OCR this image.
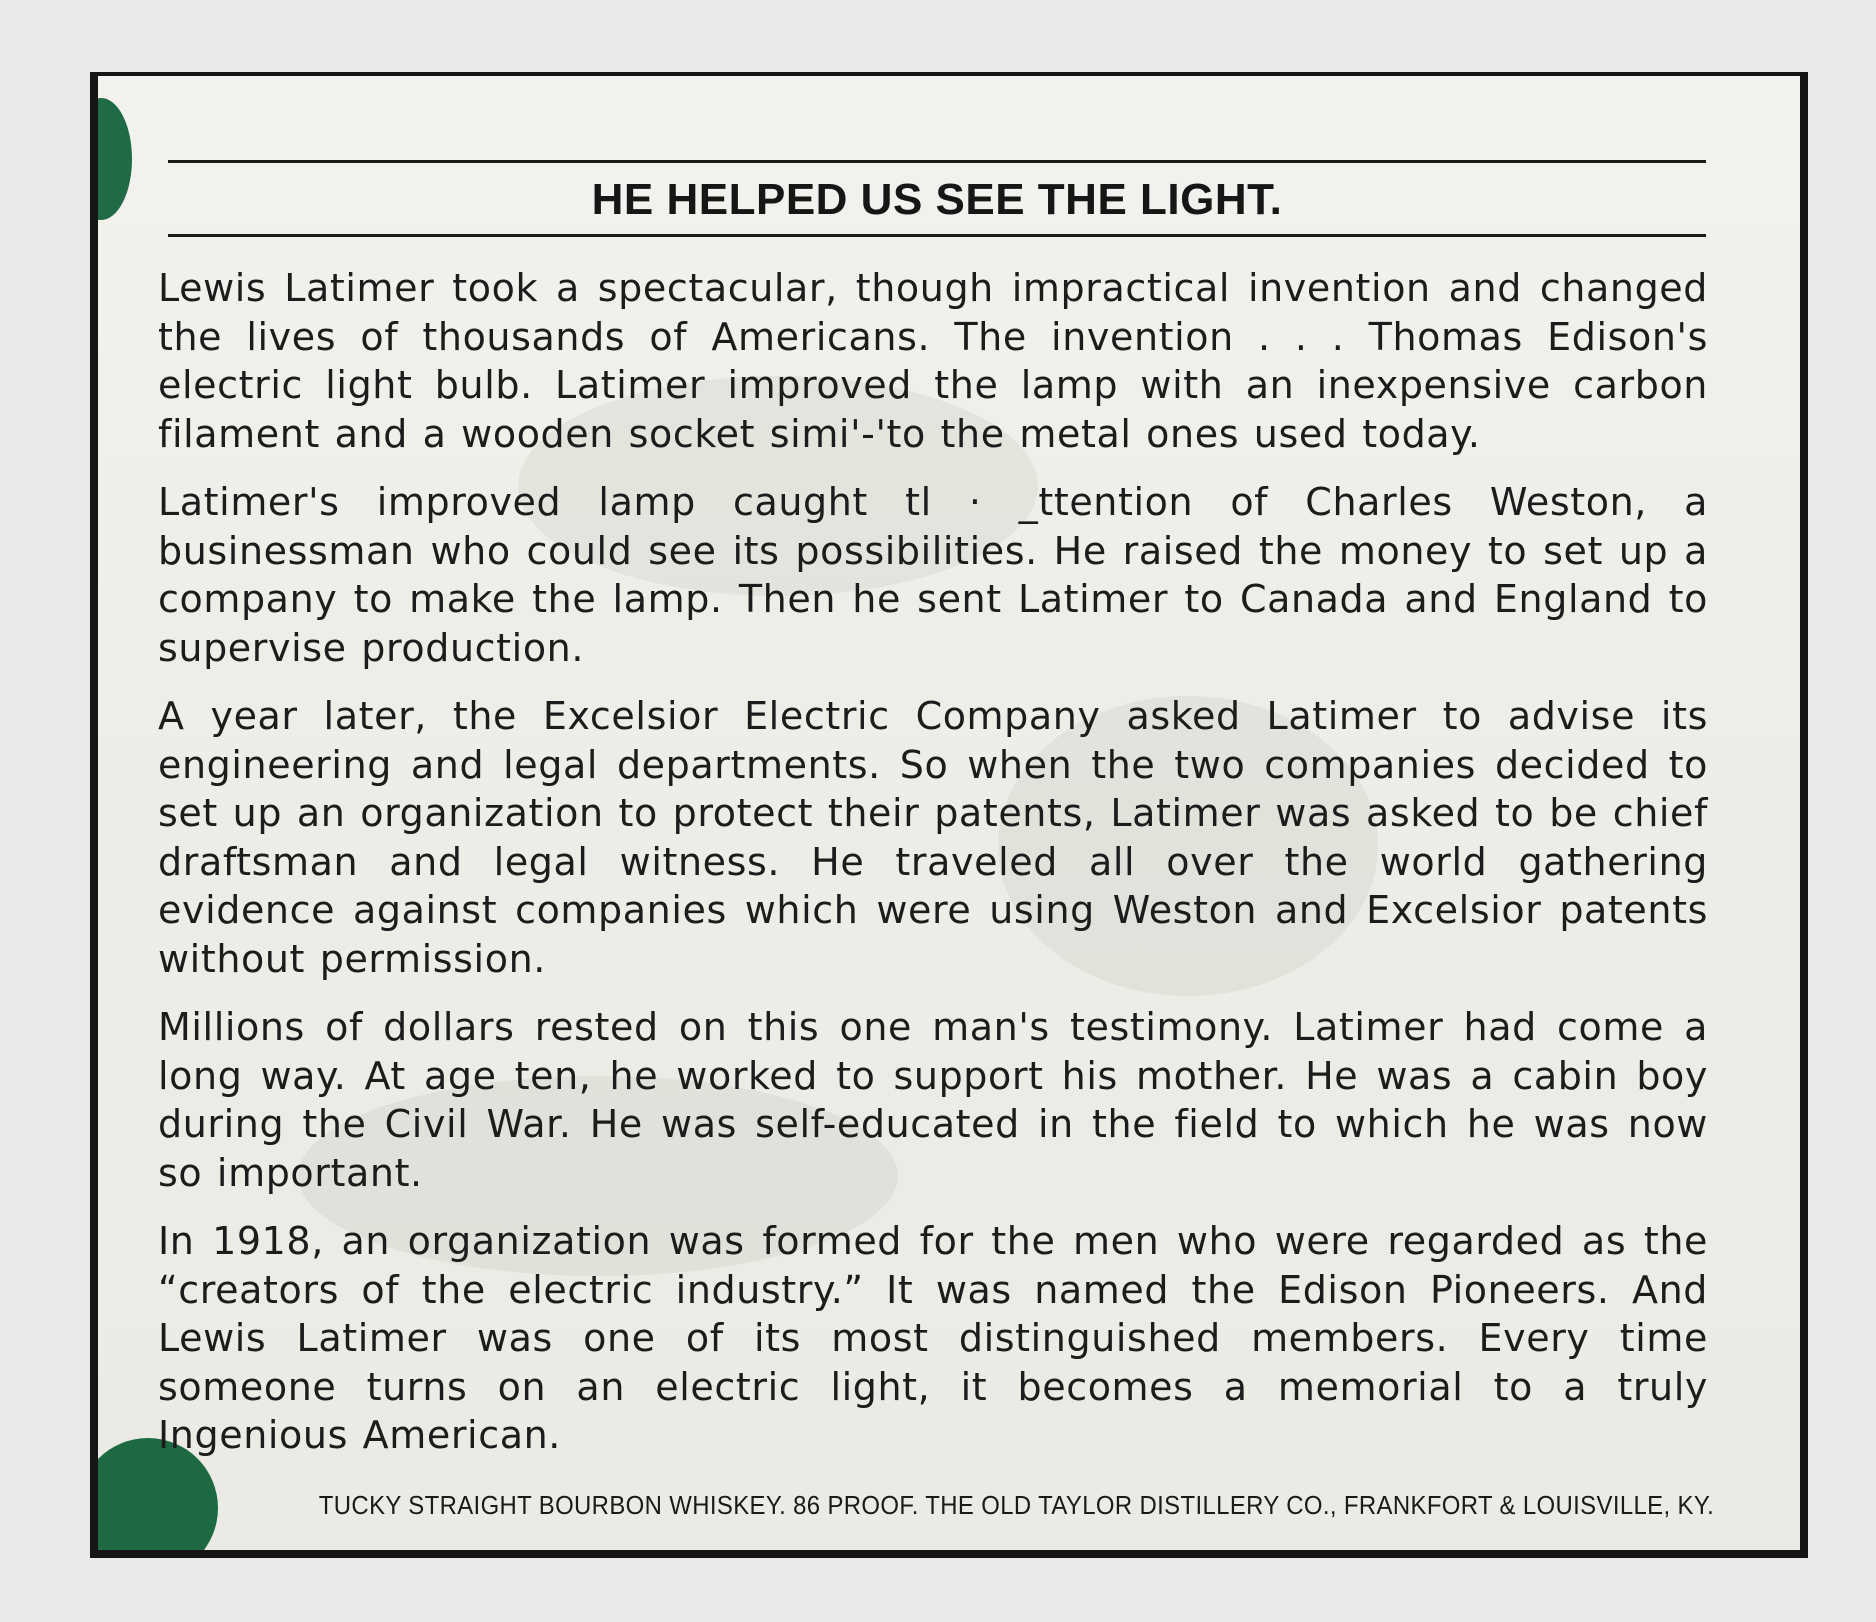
HE HELPED US SEE THE LIGHT.

Lewis Latimer took a spectacular, though impractical invention and changed the lives of thousands of Americans. The invention . . . Thomas Edison's electric light bulb. Latimer improved the lamp with an inexpensive carbon filament and a wooden socket simi'-'to the metal ones used today.

Latimer's improved lamp caught tl · _ttention of Charles Weston, a businessman who could see its possibilities. He raised the money to set up a company to make the lamp. Then he sent Latimer to Canada and England to supervise production.

A year later, the Excelsior Electric Company asked Latimer to advise its engineering and legal departments. So when the two companies decided to set up an organization to protect their patents, Latimer was asked to be chief draftsman and legal witness. He traveled all over the world gathering evidence against companies which were using Weston and Excelsior patents without permission.

Millions of dollars rested on this one man's testimony. Latimer had come a long way. At age ten, he worked to support his mother. He was a cabin boy during the Civil War. He was self-educated in the field to which he was now so important.

In 1918, an organization was formed for the men who were regarded as the “creators of the electric industry.” It was named the Edison Pioneers. And Lewis Latimer was one of its most distinguished members. Every time someone turns on an electric light, it becomes a memorial to a truly Ingenious American.

TUCKY STRAIGHT BOURBON WHISKEY. 86 PROOF. THE OLD TAYLOR DISTILLERY CO., FRANKFORT & LOUISVILLE, KY.
